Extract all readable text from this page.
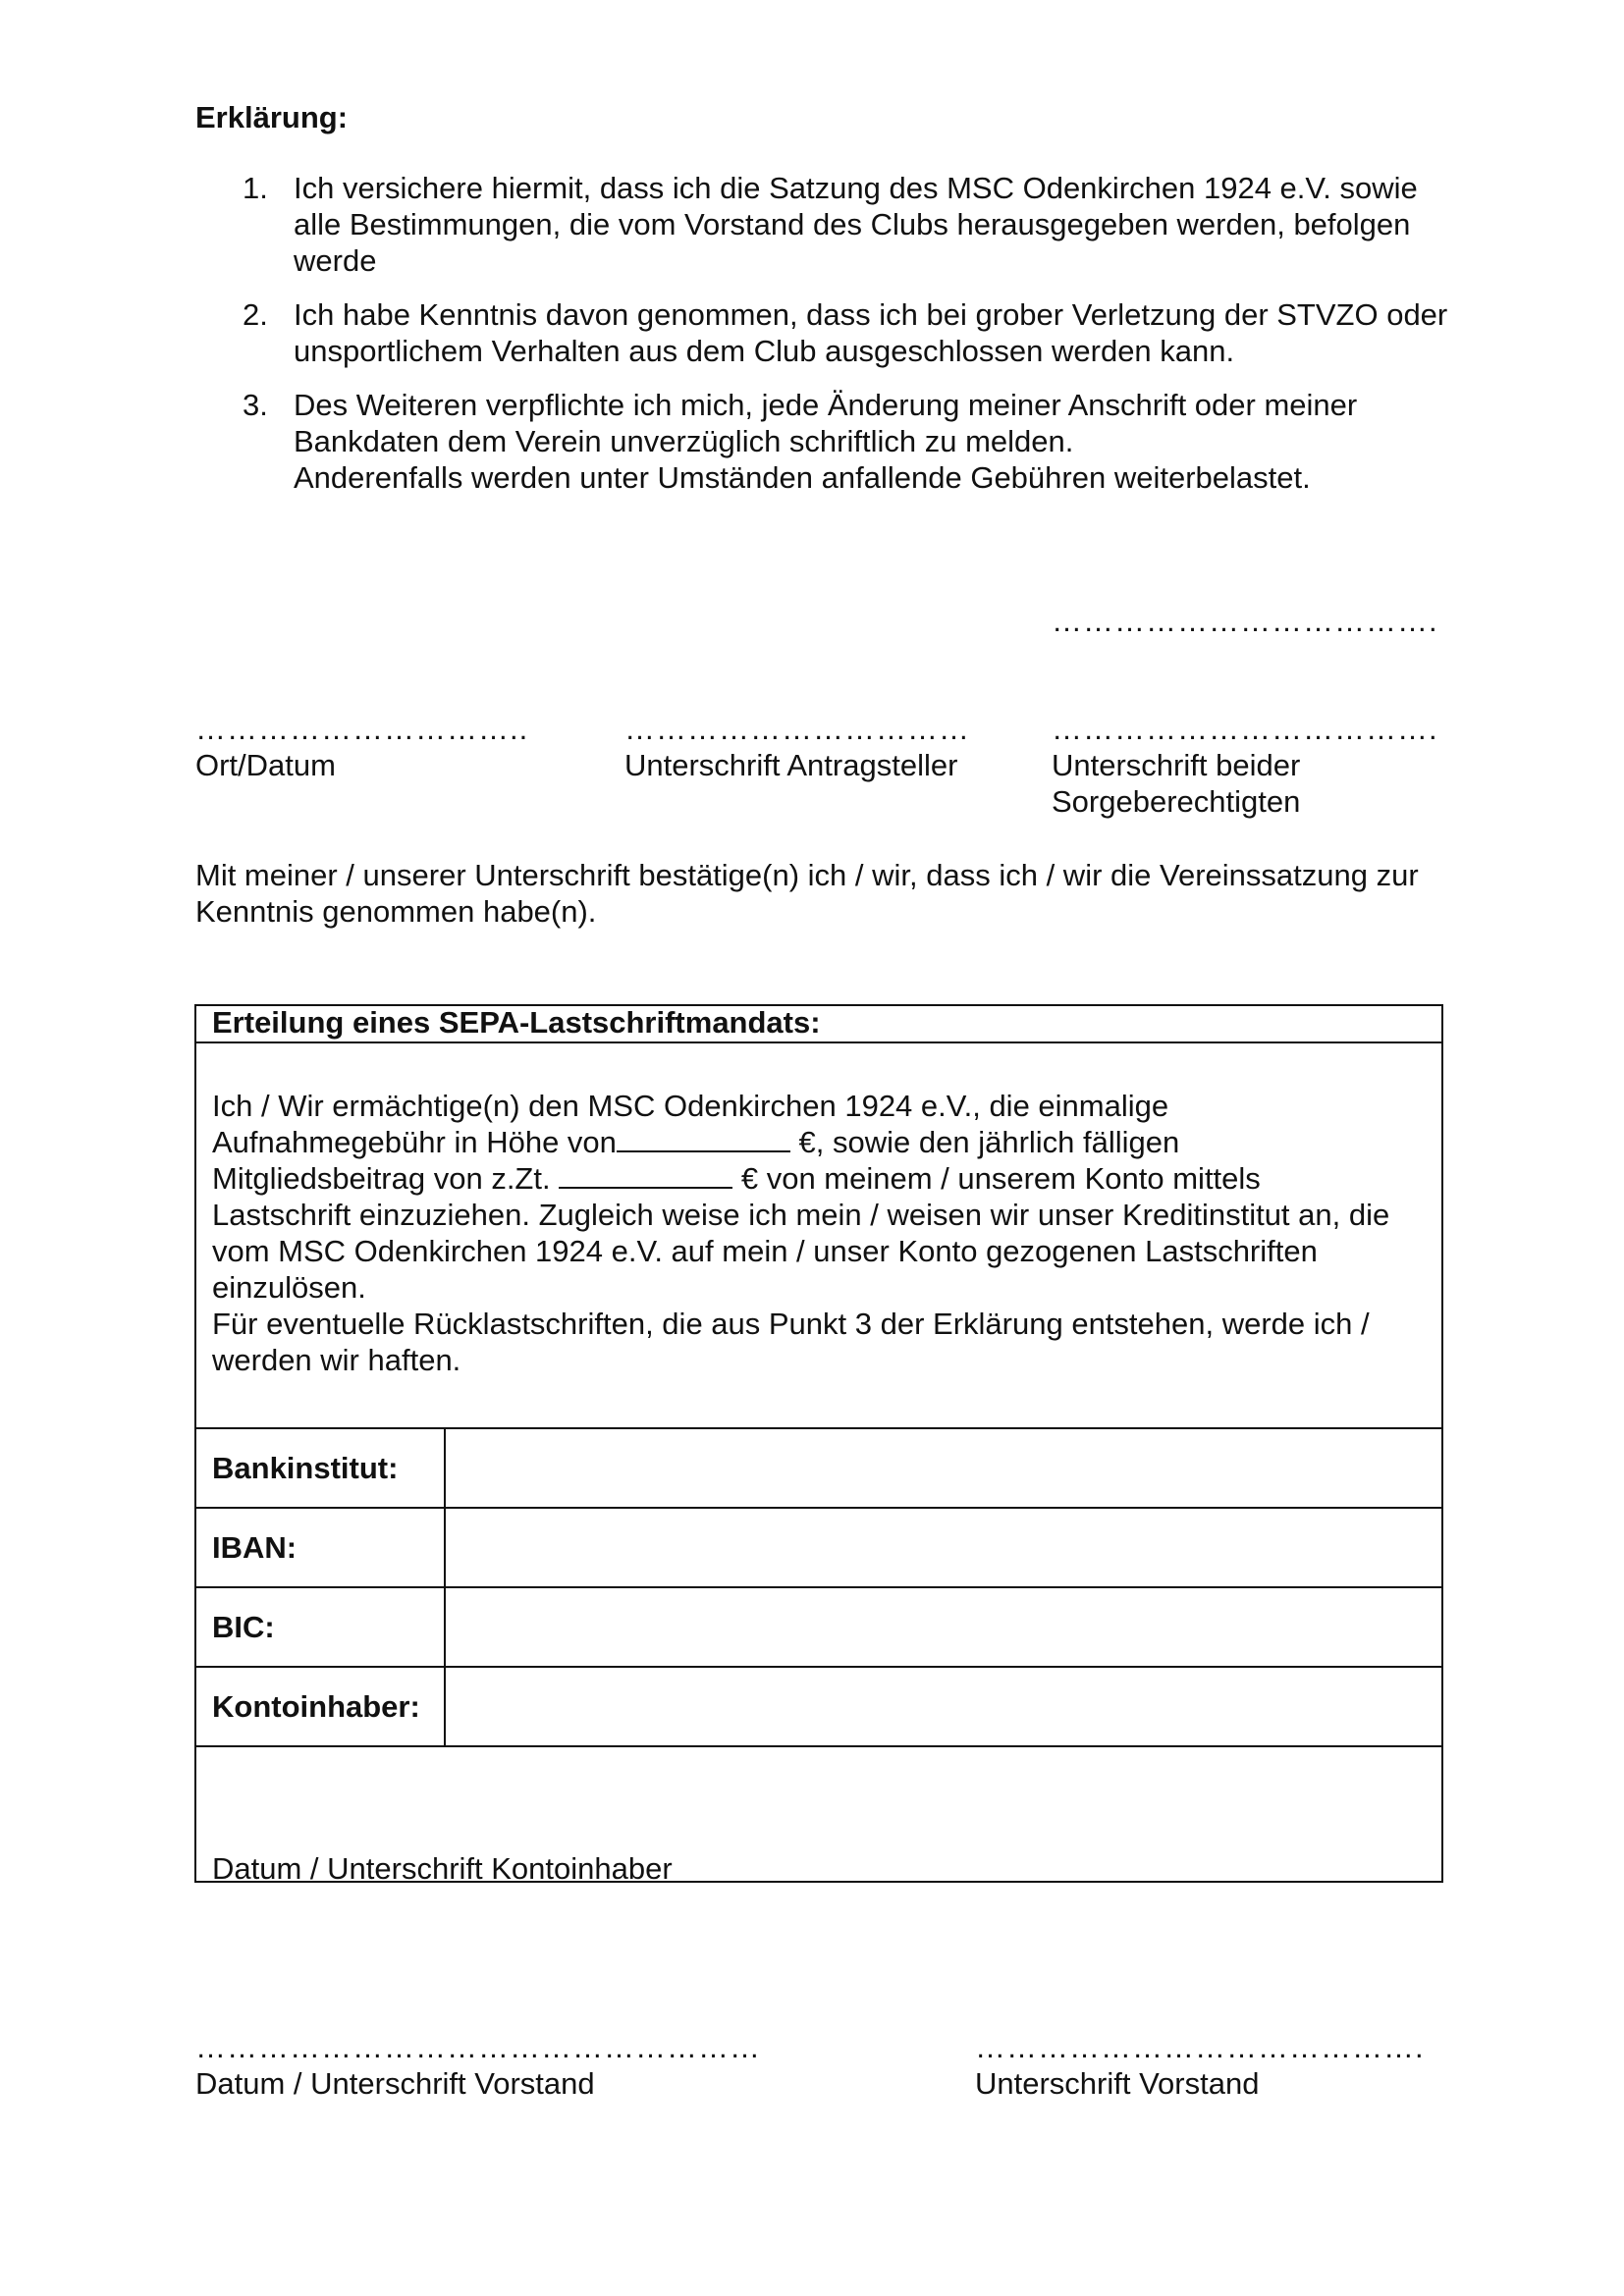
Erklärung:
1. Ich versichere hiermit, dass ich die Satzung des MSC Odenkirchen 1924 e.V. sowie alle Bestimmungen, die vom Vorstand des Clubs herausgegeben werden, befolgen werde
2. Ich habe Kenntnis davon genommen, dass ich bei grober Verletzung der STVZO oder unsportlichem Verhalten aus dem Club ausgeschlossen werden kann.
3. Des Weiteren verpflichte ich mich, jede Änderung meiner Anschrift oder meiner Bankdaten dem Verein unverzüglich schriftlich zu melden.
Anderenfalls werden unter Umständen anfallende Gebühren weiterbelastet.
……………………………….
…………………………..
Ort/Datum
……………………………
Unterschrift Antragsteller
……………………………….
Unterschrift beider
Sorgeberechtigten
Mit meiner / unserer Unterschrift bestätige(n) ich / wir, dass ich / wir die Vereinssatzung zur Kenntnis genommen habe(n).
Erteilung eines SEPA-Lastschriftmandats:
Ich / Wir ermächtige(n) den MSC Odenkirchen 1924 e.V., die einmalige
Aufnahmegebühr in Höhe von	€, sowie den jährlich fälligen
Mitgliedsbeitrag von z.Zt.	€ von meinem / unserem Konto mittels
Lastschrift einzuziehen. Zugleich weise ich mein / weisen wir unser Kreditinstitut an, die vom MSC Odenkirchen 1924 e.V. auf mein / unser Konto gezogenen Lastschriften einzulösen.
Für eventuelle Rücklastschriften, die aus Punkt 3 der Erklärung entstehen, werde ich / werden wir haften.
Bankinstitut:
IBAN:
BIC:
Kontoinhaber:
Datum / Unterschrift Kontoinhaber
………………………………………………
Datum / Unterschrift Vorstand
…………………………………….
Unterschrift Vorstand
